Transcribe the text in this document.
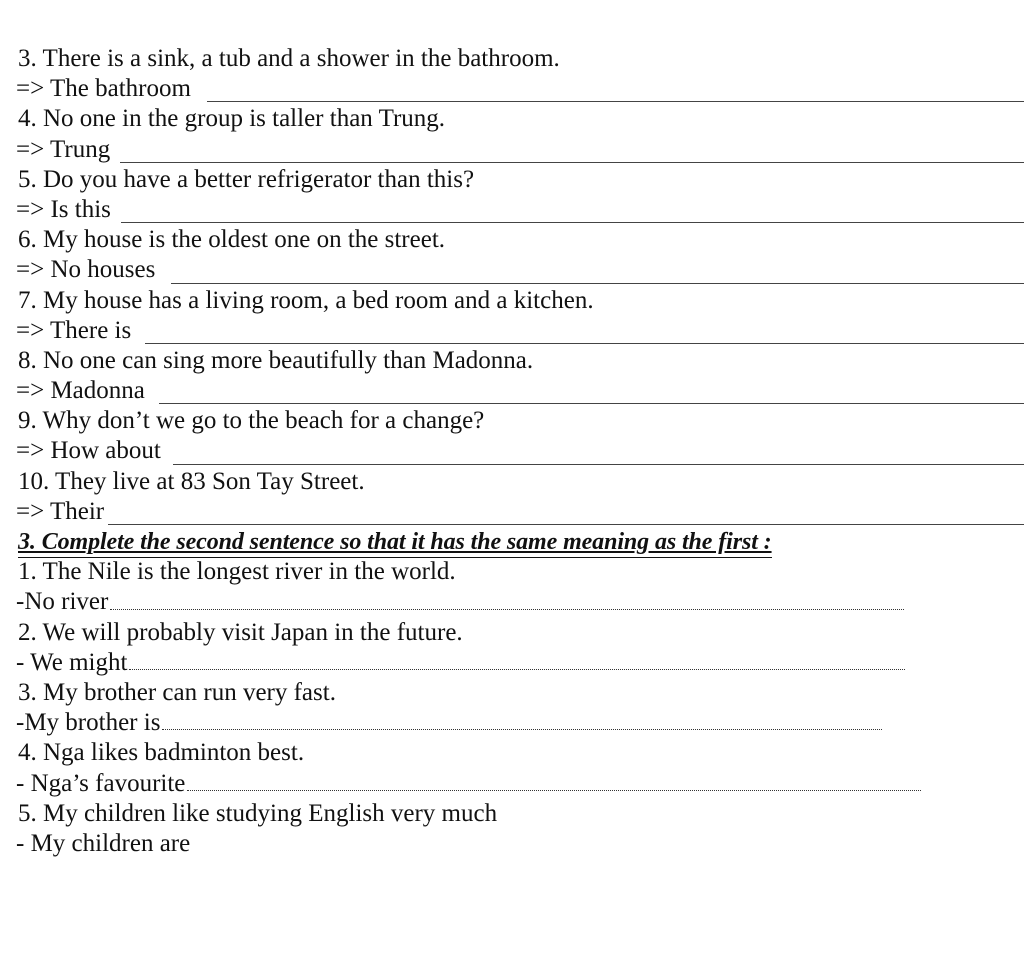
3. There is a sink, a tub and a shower in the bathroom.
=> The bathroom
4. No one in the group is taller than Trung.
=> Trung
5. Do you have a better refrigerator than this?
=> Is this
6. My house is the oldest one on the street.
=> No houses
7. My house has a living room, a bed room and a kitchen.
=> There is
8. No one can sing more beautifully than Madonna.
=> Madonna
9. Why don’t we go to the beach for a change?
=> How about
10. They live at 83 Son Tay Street.
=> Their
3. Complete the second sentence so that it has the same meaning as the first :
1. The Nile is the longest river in the world.
-No river
2. We will probably visit Japan in the future.
- We might
3. My brother can run very fast.
-My brother is
4. Nga likes badminton best.
- Nga’s favourite
5. My children like studying English very much
- My children are
